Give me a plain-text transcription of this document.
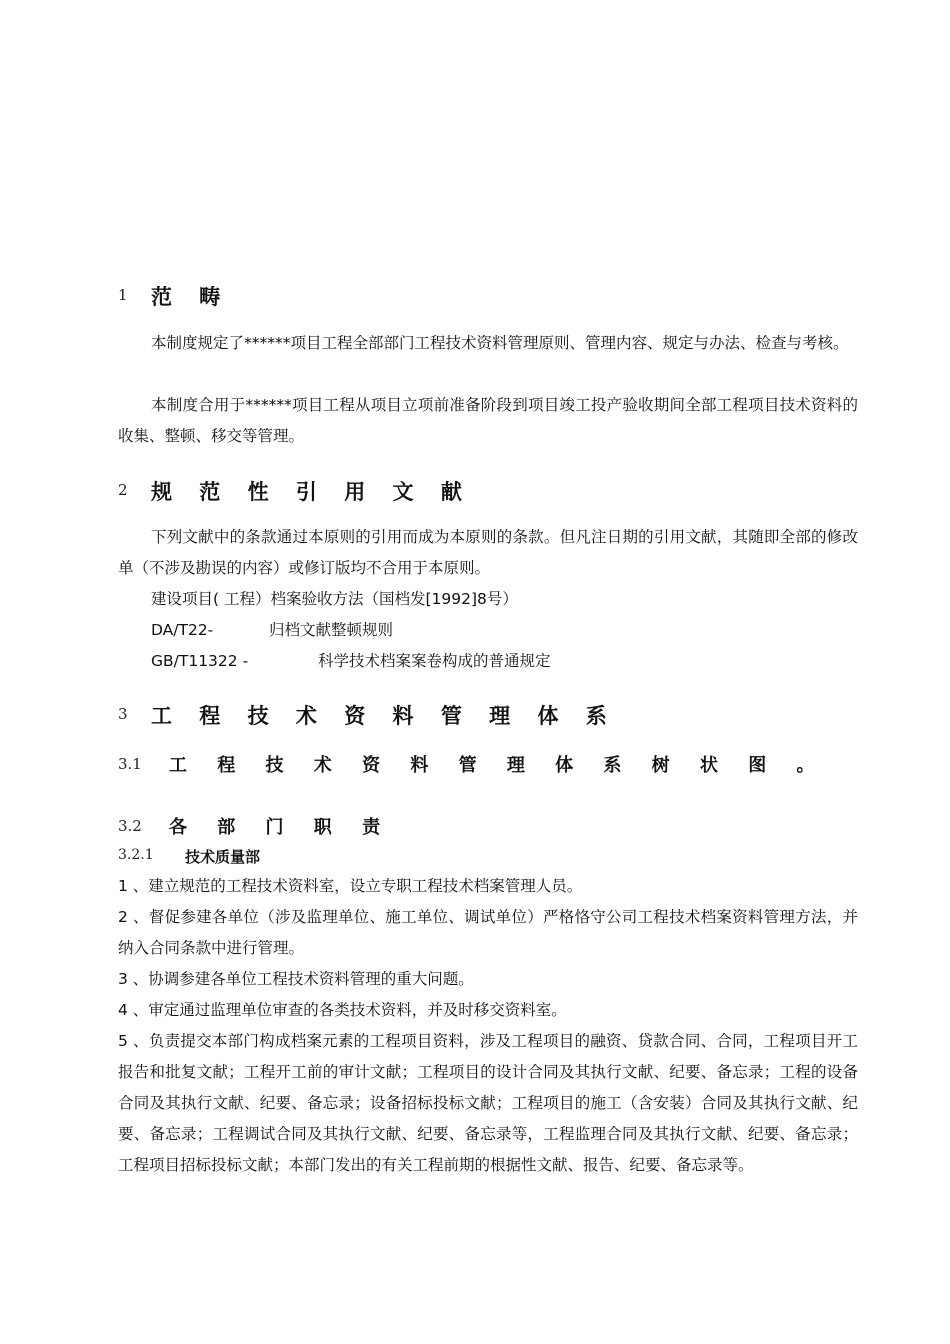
1 范 畴
本制度规定了******项目工程全部部门工程技术资料管理原则、管理内容、规定与办法、检查与考核。
本制度合用于******项目工程从项目立项前准备阶段到项目竣工投产验收期间全部工程项目技术资料的收集、整顿、移交等管理。
2 规 范 性 引 用 文 献
下列文献中的条款通过本原则的引用而成为本原则的条款。但凡注日期的引用文献，其随即全部的修改单（不涉及勘误的内容）或修订版均不合用于本原则。
建设项目( 工程）档案验收方法（国档发[1992]8号）
DA/T22-	归档文献整顿规则
GB/T11322 -	科学技术档案案卷构成的普通规定
3 工 程 技 术 资 料 管 理 体 系
3.1 工 程 技 术 资 料 管 理 体 系 树 状 图 。
3.2 各 部 门 职 责
3.2.1 技术质量部
1 、建立规范的工程技术资料室，设立专职工程技术档案管理人员。
2 、督促参建各单位（涉及监理单位、施工单位、调试单位）严格恪守公司工程技术档案资料管理方法，并纳入合同条款中进行管理。
3 、协调参建各单位工程技术资料管理的重大问题。
4 、审定通过监理单位审查的各类技术资料，并及时移交资料室。
5 、负责提交本部门构成档案元素的工程项目资料，涉及工程项目的融资、贷款合同、合同，工程项目开工报告和批复文献；工程开工前的审计文献；工程项目的设计合同及其执行文献、纪要、备忘录；工程的设备合同及其执行文献、纪要、备忘录；设备招标投标文献；工程项目的施工（含安装）合同及其执行文献、纪要、备忘录；工程调试合同及其执行文献、纪要、备忘录等，工程监理合同及其执行文献、纪要、备忘录；工程项目招标投标文献；本部门发出的有关工程前期的根据性文献、报告、纪要、备忘录等。
